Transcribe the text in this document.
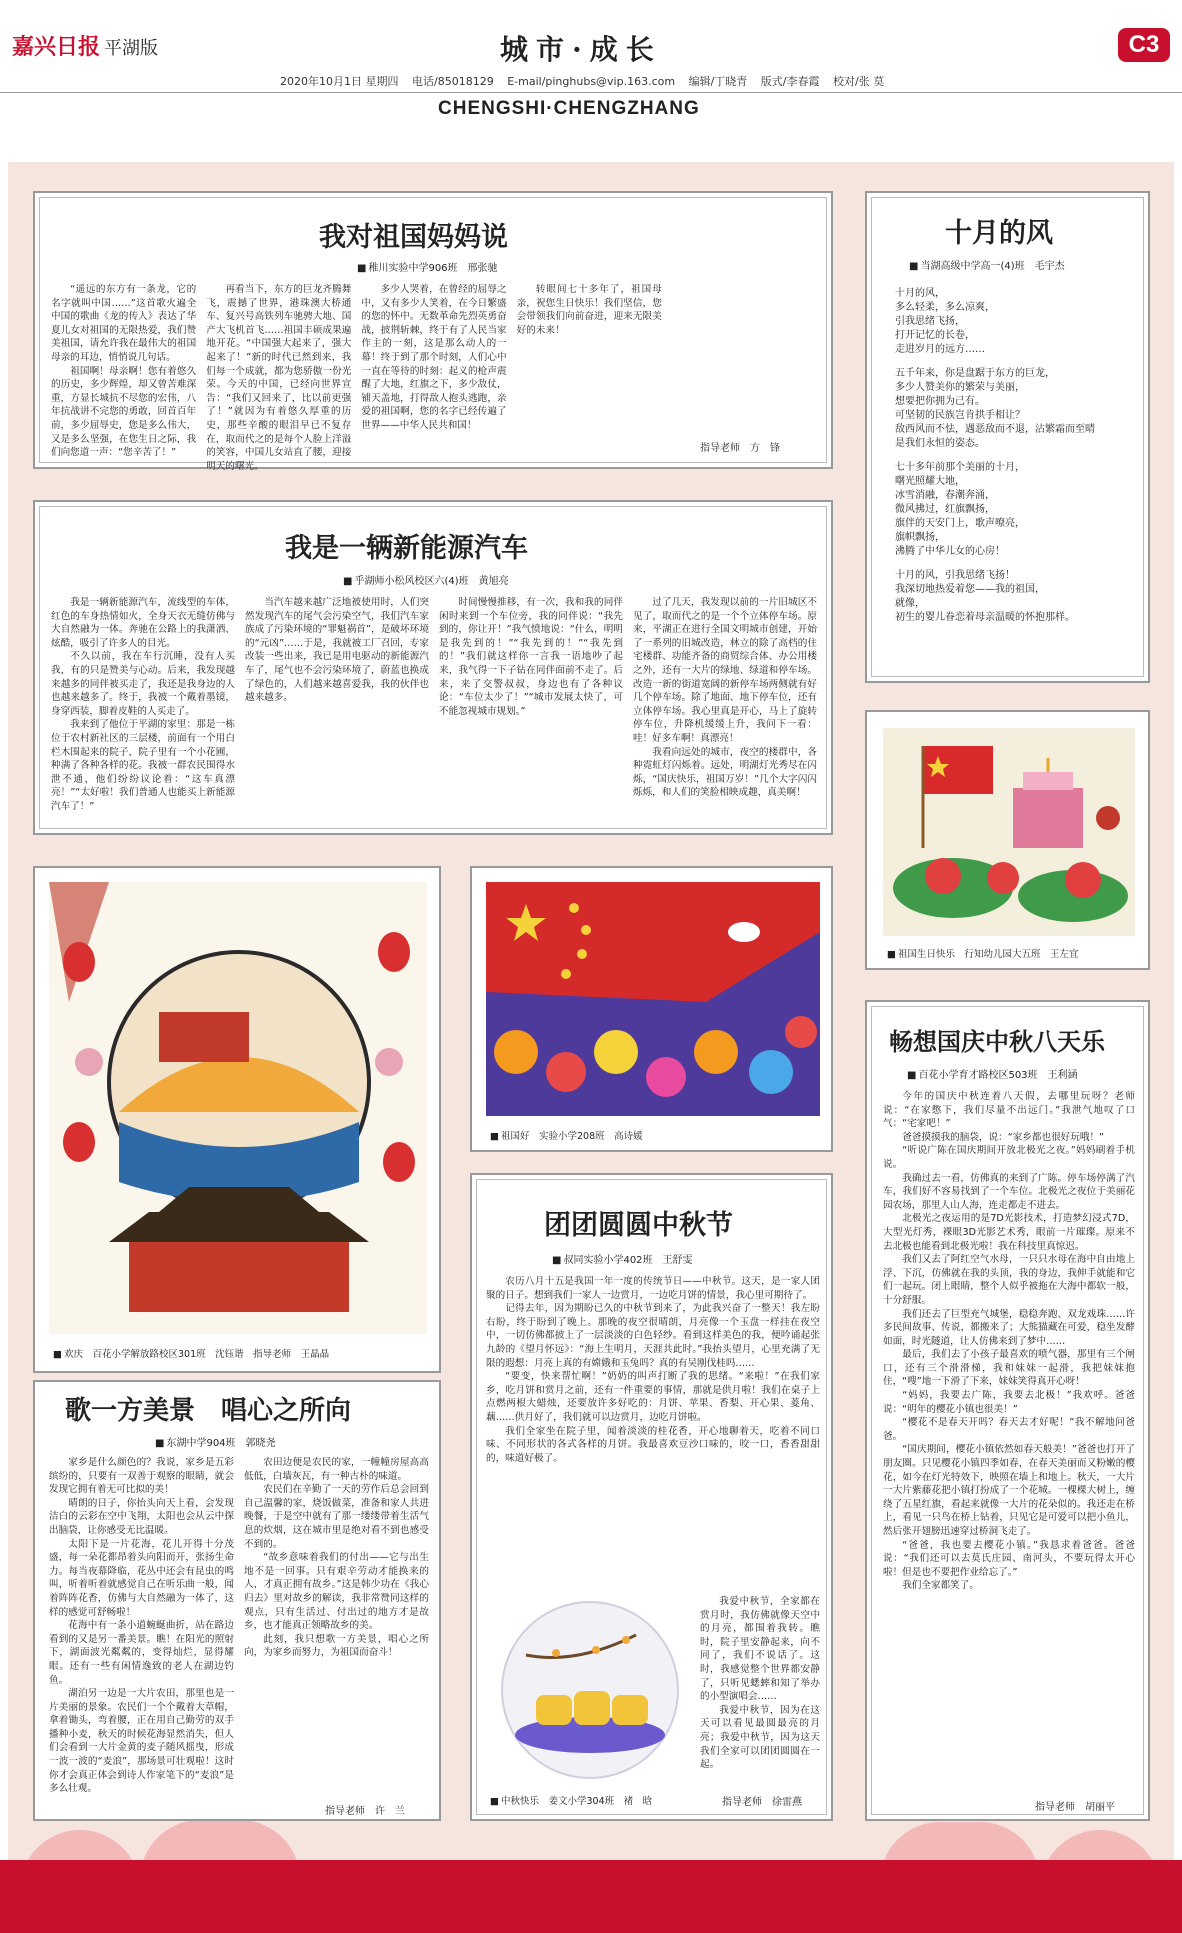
嘉兴日报 平湖版	城市·成长	C3
2020年10月1日 星期四 电话/85018129 E-mail/pinghubs@vip.163.com 编辑/丁晓青 版式/李春霞 校对/张 莫
CHENGSHI·CHENGZHANG
我对祖国妈妈说
■ 稚川实验中学906班　邢张驰

“遥远的东方有一条龙，它的名字就叫中国……”这首歌火遍全中国的歌曲《龙的传人》表达了华夏儿女对祖国的无限热爱，我们赞美祖国，请允许我在最伟大的祖国母亲的耳边，悄悄说几句话。

祖国啊！母亲啊！您有着悠久的历史，多少辉煌，却又曾苦难深重，方显长城抗不尽您的宏伟，八年抗战讲不完您的勇敢，回首百年前，多少屈辱史，您是多么伟大，又是多么坚强，在您生日之际，我们向您道一声：“您辛苦了！”

再看当下，东方的巨龙齐腾舞飞，震撼了世界，港珠澳大桥通车、复兴号高铁列车驰骋大地、国产大飞机首飞……祖国丰硕成果遍地开花。“中国强大起来了，强大起来了！”新的时代已然到来，我们每一个成就，都为您骄傲一份光荣。今天的中国，已经向世界宣告：“我们又回来了，比以前更强了！”就因为有着悠久厚重的历史，那些辛酸的眼泪早已不复存在，取而代之的是每个人脸上洋溢的笑容，中国儿女站直了腰，迎接明天的曙光。

多少人哭着，在曾经的屈辱之中，又有多少人笑着，在今日繁盛的您的怀中。无数革命先烈英勇奋战，披荆斩棘，终于有了人民当家作主的一刻，这是那么动人的一幕！终于到了那个时刻，人们心中一直在等待的时刻：起义的枪声震醒了大地，红旗之下，多少敌仗，铺天盖地，打得敌人抱头逃跑，亲爱的祖国啊，您的名字已经传遍了世界——中华人民共和国！

转眼间七十多年了，祖国母亲，祝您生日快乐！我们坚信，您会带领我们向前奋进，迎来无限美好的未来！

指导老师　方　锋
我是一辆新能源汽车
■ 乎湖师小松风校区六(4)班　黄旭亮

我是一辆新能源汽车，流线型的车体，红色的车身热情如火，全身天衣无缝仿佛与大自然融为一体。奔驰在公路上的我潇洒、炫酷，吸引了许多人的目光。

不久以前，我在车行沉睡，没有人买我，有的只是赞美与心动。后来，我发现越来越多的同伴被买走了，我还是我身边的人也越来越多了。终于，我被一个戴着墨镜，身穿西装，脚着皮鞋的人买走了。

我来到了他位于平湖的家里：那是一栋位于农村新社区的三层楼，前面有一个用白栏木围起来的院子，院子里有一个小花圃，种满了各种各样的花。我被一群农民围得水泄不通，他们纷纷议论着：“这车真漂亮！”“太好啦！我们普通人也能买上新能源汽车了！”

当汽车越来越广泛地被使用时，人们突然发现汽车的尾气会污染空气，我们汽车家族成了污染环境的“罪魁祸首”，是破坏环境的“元凶”……于是，我就被工厂召回，专家改装一些出来，我已是用电驱动的新能源汽车了，尾气也不会污染环境了，蔚蓝也换成了绿色的，人们越来越喜爱我，我的伙伴也越来越多。

时间慢慢推移，有一次，我和我的同伴闲时来到一个车位旁，我的同伴说：“我先到的，你让开！”我气愤地说：“什么，明明是我先到的！”“我先到的！”“我先到的！”我们就这样你一言我一语地吵了起来，我气得一下子钻在同伴面前不走了。后来，来了交警叔叔，身边也有了各种议论：“车位太少了！”“城市发展太快了，可不能忽视城市规划。”

过了几天，我发现以前的一片旧城区不见了，取而代之的是一个个立体停车场。原来，平湖正在进行全国文明城市创建，开始了一系列的旧城改造，林立的除了高档的住宅楼群、功能齐备的商贸综合体、办公用楼之外，还有一大片的绿地、绿道和停车场。改造一新的街道宽阔的新停车场两侧就有好几个停车场。除了地面、地下停车位，还有立体停车场。我心里真是开心，马上了旋转停车位，升降机缓缓上升，我问下一看：哇！好多车啊！真漂亮！

我看向远处的城市，夜空的楼群中，各种霓虹灯闪烁着。远处，明湖灯光秀尽在闪烁，“国庆快乐，祖国万岁！”几个大字闪闪烁烁，和人们的笑脸相映成趣，真美啊！

十月的风
■ 当湖高级中学高一(4)班　毛宇杰

十月的风，
多么轻柔，多么凉爽，
引我思绪飞扬，
打开记忆的长卷，
走进岁月的远方……

五千年来，你是盘踞于东方的巨龙，
多少人赞美你的繁荣与美丽，
想要把你拥为己有。
可坚韧的民族岂肯拱手相让？
敌西风而不怯，遇恶敌而不退，沾繁霜而至晴
是我们永恒的姿态。

七十多年前那个美丽的十月，
曙光照耀大地，
冰雪消融，春潮奔涌，
微风拂过，红旗飘扬，
旗伴的天安门上，歌声嘹亮，
旗帜飘扬，
沸腾了中华儿女的心房！

十月的风，引我思绪飞扬！
我深切地热爱着您——我的祖国，
就像，
初生的婴儿眷恋着母亲温暖的怀抱那样。

■ 祖国生日快乐　行知幼儿园大五班　王左宜
■ 欢庆　百花小学解放路校区301班　沈钰谐　指导老师　王晶晶
■ 祖国好　实验小学208班　高诗媛
团团圆圆中秋节
■ 叔同实验小学402班　王舒雯

农历八月十五是我国一年一度的传统节日——中秋节。这天，是一家人团聚的日子。想到我们一家人一边赏月，一边吃月饼的情景，我心里可期待了。

记得去年，因为期盼已久的中秋节到来了，为此我兴奋了一整天！我左盼右盼，终于盼到了晚上。那晚的夜空很晴朗，月亮像一个玉盘一样挂在夜空中，一切仿佛都披上了一层淡淡的白色轻纱。看到这样美色的我，便吟诵起张九龄的《望月怀远》：“海上生明月，天涯共此时。”我抬头望月，心里充满了无限的遐想：月亮上真的有嫦娥和玉兔吗？真的有吴刚伐桂吗……

“要变，快来帮忙啊！”奶奶的叫声打断了我的思绪。“来啦！”在我们家乡，吃月饼和赏月之前，还有一件重要的事情，那就是供月啦！我们在桌子上点燃两根大蜡烛，还要放许多好吃的：月饼、苹果、香梨、开心果、菱角、藕……供月好了，我们就可以边赏月，边吃月饼啦。

我们全家坐在院子里，闻着淡淡的桂花香，开心地聊着天，吃着不同口味、不同形状的各式各样的月饼。我最喜欢豆沙口味的，咬一口，香香甜甜的，味道好极了。

我爱中秋节，全家都在赏月时，我仿佛就像天空中的月亮，都围着我转。瞧时，院子里安静起来，向不同了，我们不说话了。这时，我感觉整个世界都安静了，只听见蟋蟀和知了举办的小型演唱会……

我爱中秋节，因为在这天可以看见最圆最亮的月亮；我爱中秋节，因为这天我们全家可以团团圆圆在一起。

■ 中秋快乐　姜文小学304班　褚　晗	指导老师　徐雷燕
歌一方美景　唱心之所向
■ 东湖中学904班　郭晓尧

家乡是什么颜色的？我说，家乡是五彩缤纷的，只要有一双善于观察的眼睛，就会发现它拥有着无可比拟的美！

晴朗的日子，你抬头向天上看，会发现洁白的云彩在空中飞翔，太阳也会从云中探出脑袋，让你感受无比温暖。

太阳下是一片花海，花儿开得十分茂盛，每一朵花都昂着头向阳而开，张扬生命力。每当夜幕降临，花丛中还会有昆虫的鸣叫，听着听着就感觉自己在听乐曲一般，闻着阵阵花香，仿佛与大自然融为一体了，这样的感觉可舒畅啦！

花海中有一条小道蜿蜒曲折，站在路边看到的又是另一番美景。瞧！在阳光的照射下，湖面波光粼粼的，变得灿烂，显得耀眼。还有一些有闲情逸致的老人在湖边钓鱼。

湖泊另一边是一大片农田，那里也是一片美丽的景象。农民们一个个戴着大草帽，拿着锄头，弯着腰，正在用自己勤劳的双手播种小麦，秋天的时候花海显然消失，但人们会看到一大片金黄的麦子随风摇曳，形成一波一波的“麦浪”，那场景可壮观啦！这时你才会真正体会到诗人作家笔下的“麦浪”是多么壮观。

农田边便是农民的家，一幢幢房屋高高低低，白墙灰瓦，有一种古朴的味道。

农民们在辛勤了一天的劳作后总会回到自己温馨的家，烧饭做菜，准备和家人共进晚餐，于是空中就有了那一缕缕带着生活气息的炊烟，这在城市里是绝对看不到也感受不到的。

“故乡意味着我们的付出——它与出生地不是一回事。只有艰辛劳动才能换来的人，才真正拥有故乡。”这是韩少功在《我心归去》里对故乡的解读，我非常赞同这样的观点，只有生活过、付出过的地方才是故乡，也才能真正领略故乡的美。

此刻，我只想歌一方美景，唱心之所向，为家乡而努力，为祖国而奋斗！

指导老师　许　兰
畅想国庆中秋八天乐
■ 百花小学育才路校区503班　王利涵

今年的国庆中秋连着八天假，去哪里玩呀？老师说：“在家憋下，我们尽量不出远门。”我泄气地叹了口气：“宅家吧！”

爸爸摸摸我的脑袋，说：“家乡都也很好玩哦！”

“听说广陈在国庆期间开放北极光之夜。”妈妈刷着手机说。

我确过去一看，仿佛真的来到了广陈。停车场停满了汽车，我们好不容易找到了一个车位。北极光之夜位于美丽花园农场，那里人山人海，连走都走不进去。

北极光之夜运用的是7D光影技术，打造梦幻浸式7D，大型光灯秀，裸眼3D光影艺术秀，眼前一片璀璨。原来不去北极也能看到北极光啦！我在科技里真惊迟。

我们又去了阿红空气水母，一只只水母在海中自由地上浮、下沉，仿佛就在我的头顶，我的身边，我伸手就能和它们一起玩。闭上眼睛，整个人似乎被拖在大海中都软一般，十分舒服。

我们还去了巨型充气城堡，稳稳奔跑、双龙戏珠……许多民间故事、传说，都搬来了；大熊猫藏在可爱，稳坐发酵如面，时光隧道，让人仿佛来到了梦中……

最后，我们去了小孩子最喜欢的喷气器，那里有三个闸口，还有三个滑滑梯，我和妹妹一起滑，我把妹妹抱住，“嗖”地一下滑了下来，妹妹笑得真开心呀！

“妈妈，我要去广陈，我要去北极！”我欢呼。爸爸说：“明年的樱花小镇也很美！”

“樱花不是春天开吗？春天去才好呢！”我不解地问爸爸。

“国庆期间，樱花小镇依然如春天般美！”爸爸也打开了朋友圈。只见樱花小镇四季如春，在春天美丽而又粉嫩的樱花，如今在灯光特效下，映照在墙上和地上。秋天，一大片一大片紫藤花把小镇打扮成了一个花城。一棵棵大树上，缠绕了五星红旗，看起来就像一大片的花朵似的。我还走在桥上，看见一只鸟在桥上钻着，只见它是可爱可以把小鱼儿，然后张开翅膀迅速穿过桥洞飞走了。

“爸爸，我也要去樱花小镇。”我恳求着爸爸。爸爸说：“我们还可以去莫氏庄园、南河头，不要玩得太开心啦！但是也不要把作业给忘了。”

我们全家都笑了。

指导老师　胡丽平
